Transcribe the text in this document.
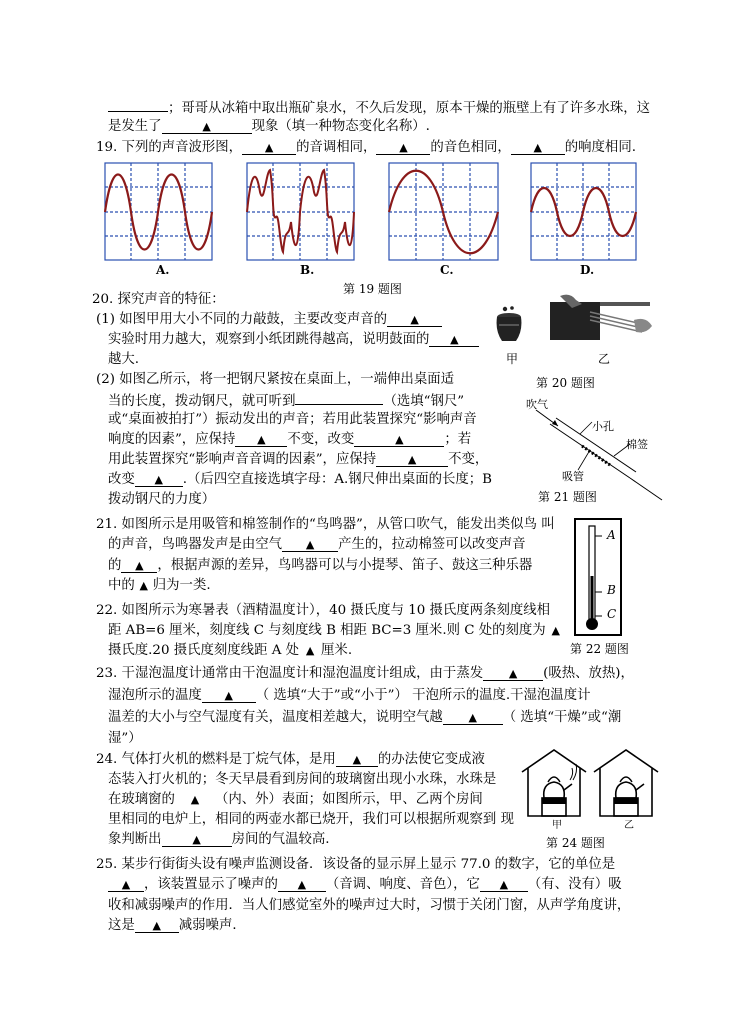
；哥哥从冰箱中取出瓶矿泉水，不久后发现，原本干燥的瓶壁上有了许多水珠，这
是发生了	▲	现象（填一种物态变化名称）.
19. 下列的声音波形图， ▲ 的音调相同， ▲ 的音色相同， ▲ 的响度相同.
A.	B.	C.	D.
第 19 题图
20. 探究声音的特征：
(1) 如图甲用大小不同的力敲鼓，主要改变声音的 ▲
实验时用力越大，观察到小纸团跳得越高，说明鼓面的 ▲
越大.	甲	乙
第 20 题图
(2) 如图乙所示，将一把钢尺紧按在桌面上，一端伸出桌面适
当的长度，拨动钢尺，就可听到	（选填“钢尺”
或“桌面被拍打”）振动发出的声音；若用此装置探究“影响声音
响度的因素”，应保持 ▲ 不变，改变	▲	；若
用此装置探究“影响声音音调的因素”，应保持	▲ 不变，
改变 ▲ .（后四空直接选填字母：A.钢尺伸出桌面的长度；B
拨动钢尺的力度）
吹气
小孔
棉签
吸管
第 21 题图
21. 如图所示是用吸管和棉签制作的“鸟鸣器”，从管口吹气，能发出类似鸟 叫
的声音，鸟鸣器发声是由空气 ▲ 产生的，拉动棉签可以改变声音
的 ▲ ，根据声源的差异，鸟鸣器可以与小提琴、笛子、鼓这三种乐器
中的 ▲ 归为一类.
A
B
C
第 22 题图
22. 如图所示为寒暑表（酒精温度计），40 摄氏度与 10 摄氏度两条刻度线相
距 AB=6 厘米，刻度线 C 与刻度线 B 相距 BC=3 厘米.则 C 处的刻度为 ▲
摄氏度.20 摄氏度刻度线距 A 处 ▲ 厘米.
23. 干湿泡温度计通常由干泡温度计和湿泡温度计组成，由于蒸发 ▲ (吸热、放热)，
湿泡所示的温度 ▲ （ 选填“大于”或“小于”） 干泡所示的温度.干湿泡温度计
温差的大小与空气湿度有关，温度相差越大，说明空气越 ▲ （ 选填“干燥”或“潮
湿”）
24. 气体打火机的燃料是丁烷气体，是用 ▲ 的办法使它变成液
态装入打火机的；冬天早晨看到房间的玻璃窗出现小水珠，水珠是
在玻璃窗的 ▲ （内、外）表面；如图所示，甲、乙两个房间
里相同的电炉上，相同的两壶水都已烧开，我们可以根据所观察到 现
象判断出	▲ 房间的气温较高.
甲	乙
第 24 题图
25. 某步行街街头设有噪声监测设备．该设备的显示屏上显示 77.0 的数字，它的单位是
▲ ，该装置显示了噪声的 ▲ （音调、响度、音色），它 ▲ （有、没有）吸
收和减弱噪声的作用．当人们感觉室外的噪声过大时，习惯于关闭门窗，从声学角度讲，
这是 ▲ 减弱噪声．
